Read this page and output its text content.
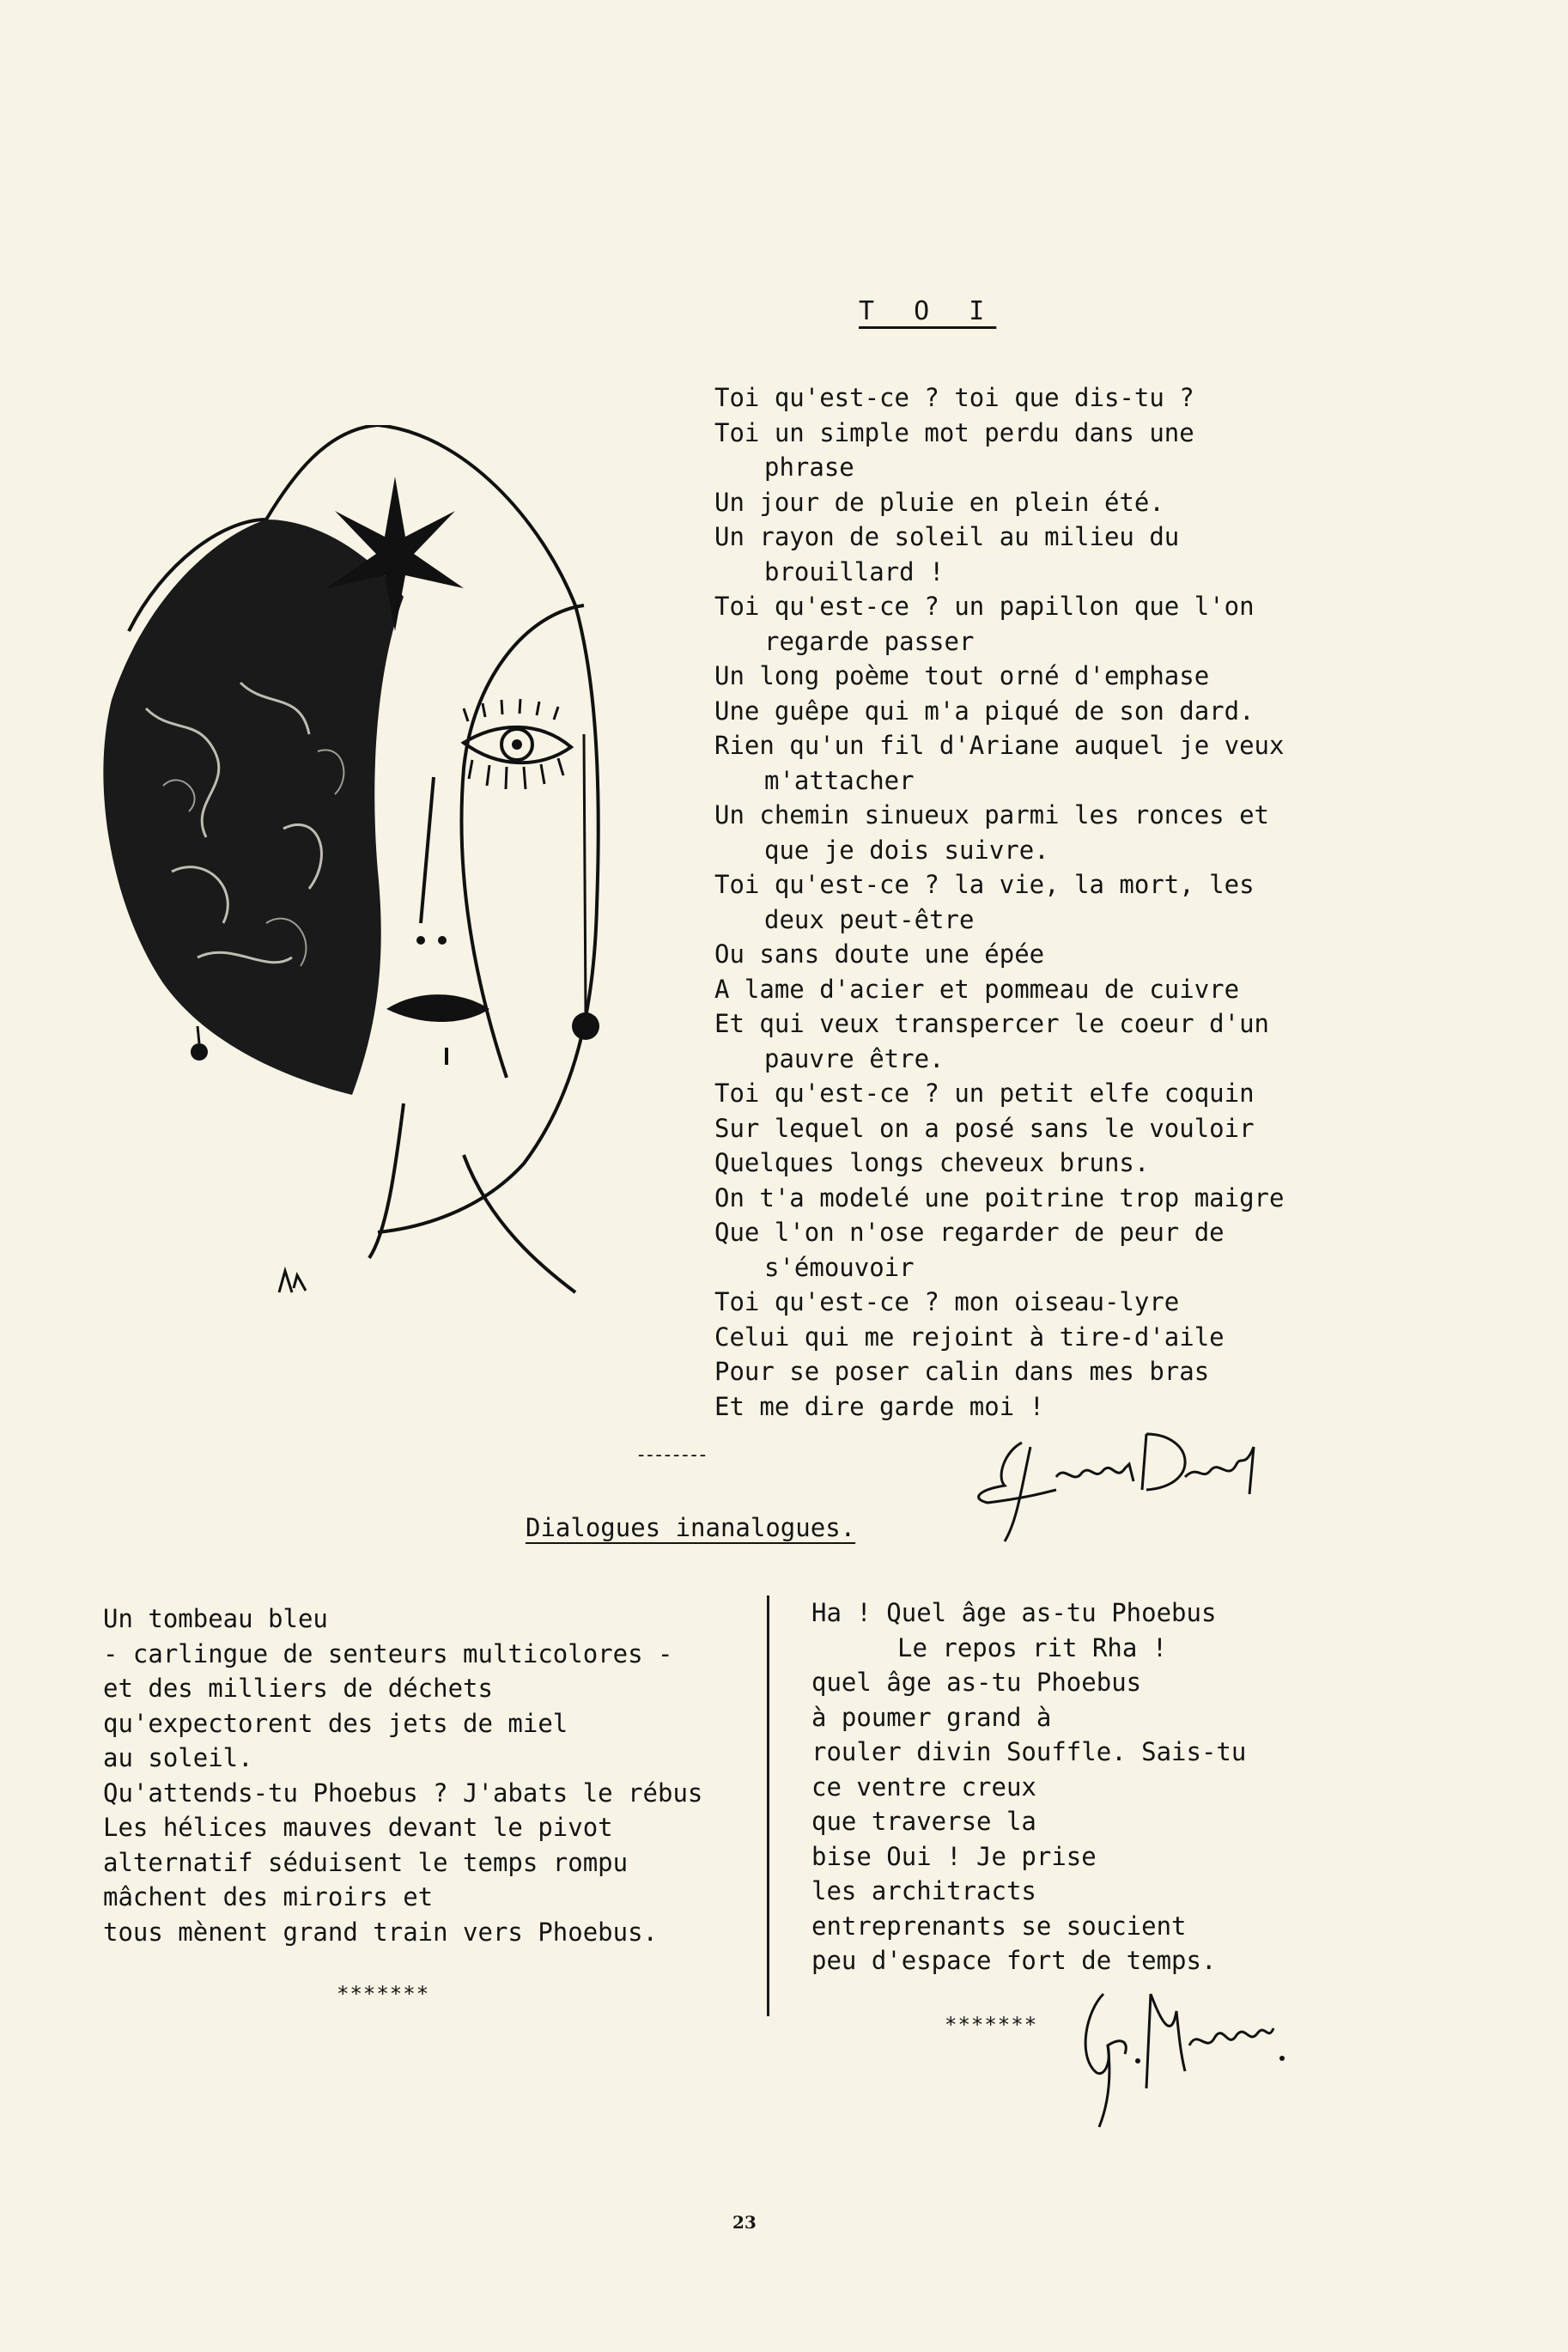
T O I
Toi qu'est-ce ? toi que dis-tu ?
Toi un simple mot perdu dans une
phrase
Un jour de pluie en plein été.
Un rayon de soleil au milieu du
brouillard !
Toi qu'est-ce ? un papillon que l'on
regarde passer
Un long poème tout orné d'emphase
Une guêpe qui m'a piqué de son dard.
Rien qu'un fil d'Ariane auquel je veux
m'attacher
Un chemin sinueux parmi les ronces et
que je dois suivre.
Toi qu'est-ce ? la vie, la mort, les
deux peut-être
Ou sans doute une épée
A lame d'acier et pommeau de cuivre
Et qui veux transpercer le coeur d'un
pauvre être.
Toi qu'est-ce ? un petit elfe coquin
Sur lequel on a posé sans le vouloir
Quelques longs cheveux bruns.
On t'a modelé une poitrine trop maigre
Que l'on n'ose regarder de peur de
s'émouvoir
Toi qu'est-ce ? mon oiseau-lyre
Celui qui me rejoint à tire-d'aile
Pour se poser calin dans mes bras
Et me dire garde moi !
--------
Dialogues inanalogues.
Un tombeau bleu
- carlingue de senteurs multicolores -
et des milliers de déchets
qu'expectorent des jets de miel
au soleil.
Qu'attends-tu Phoebus ? J'abats le rébus
Les hélices mauves devant le pivot
alternatif séduisent le temps rompu
mâchent des miroirs et
tous mènent grand train vers Phoebus.
Ha ! Quel âge as-tu Phoebus
Le repos rit Rha !
quel âge as-tu Phoebus
à poumer grand à
rouler divin Souffle. Sais-tu
ce ventre creux
que traverse la
bise Oui ! Je prise
les architracts
entreprenants se soucient
peu d'espace fort de temps.
*******
*******
23
